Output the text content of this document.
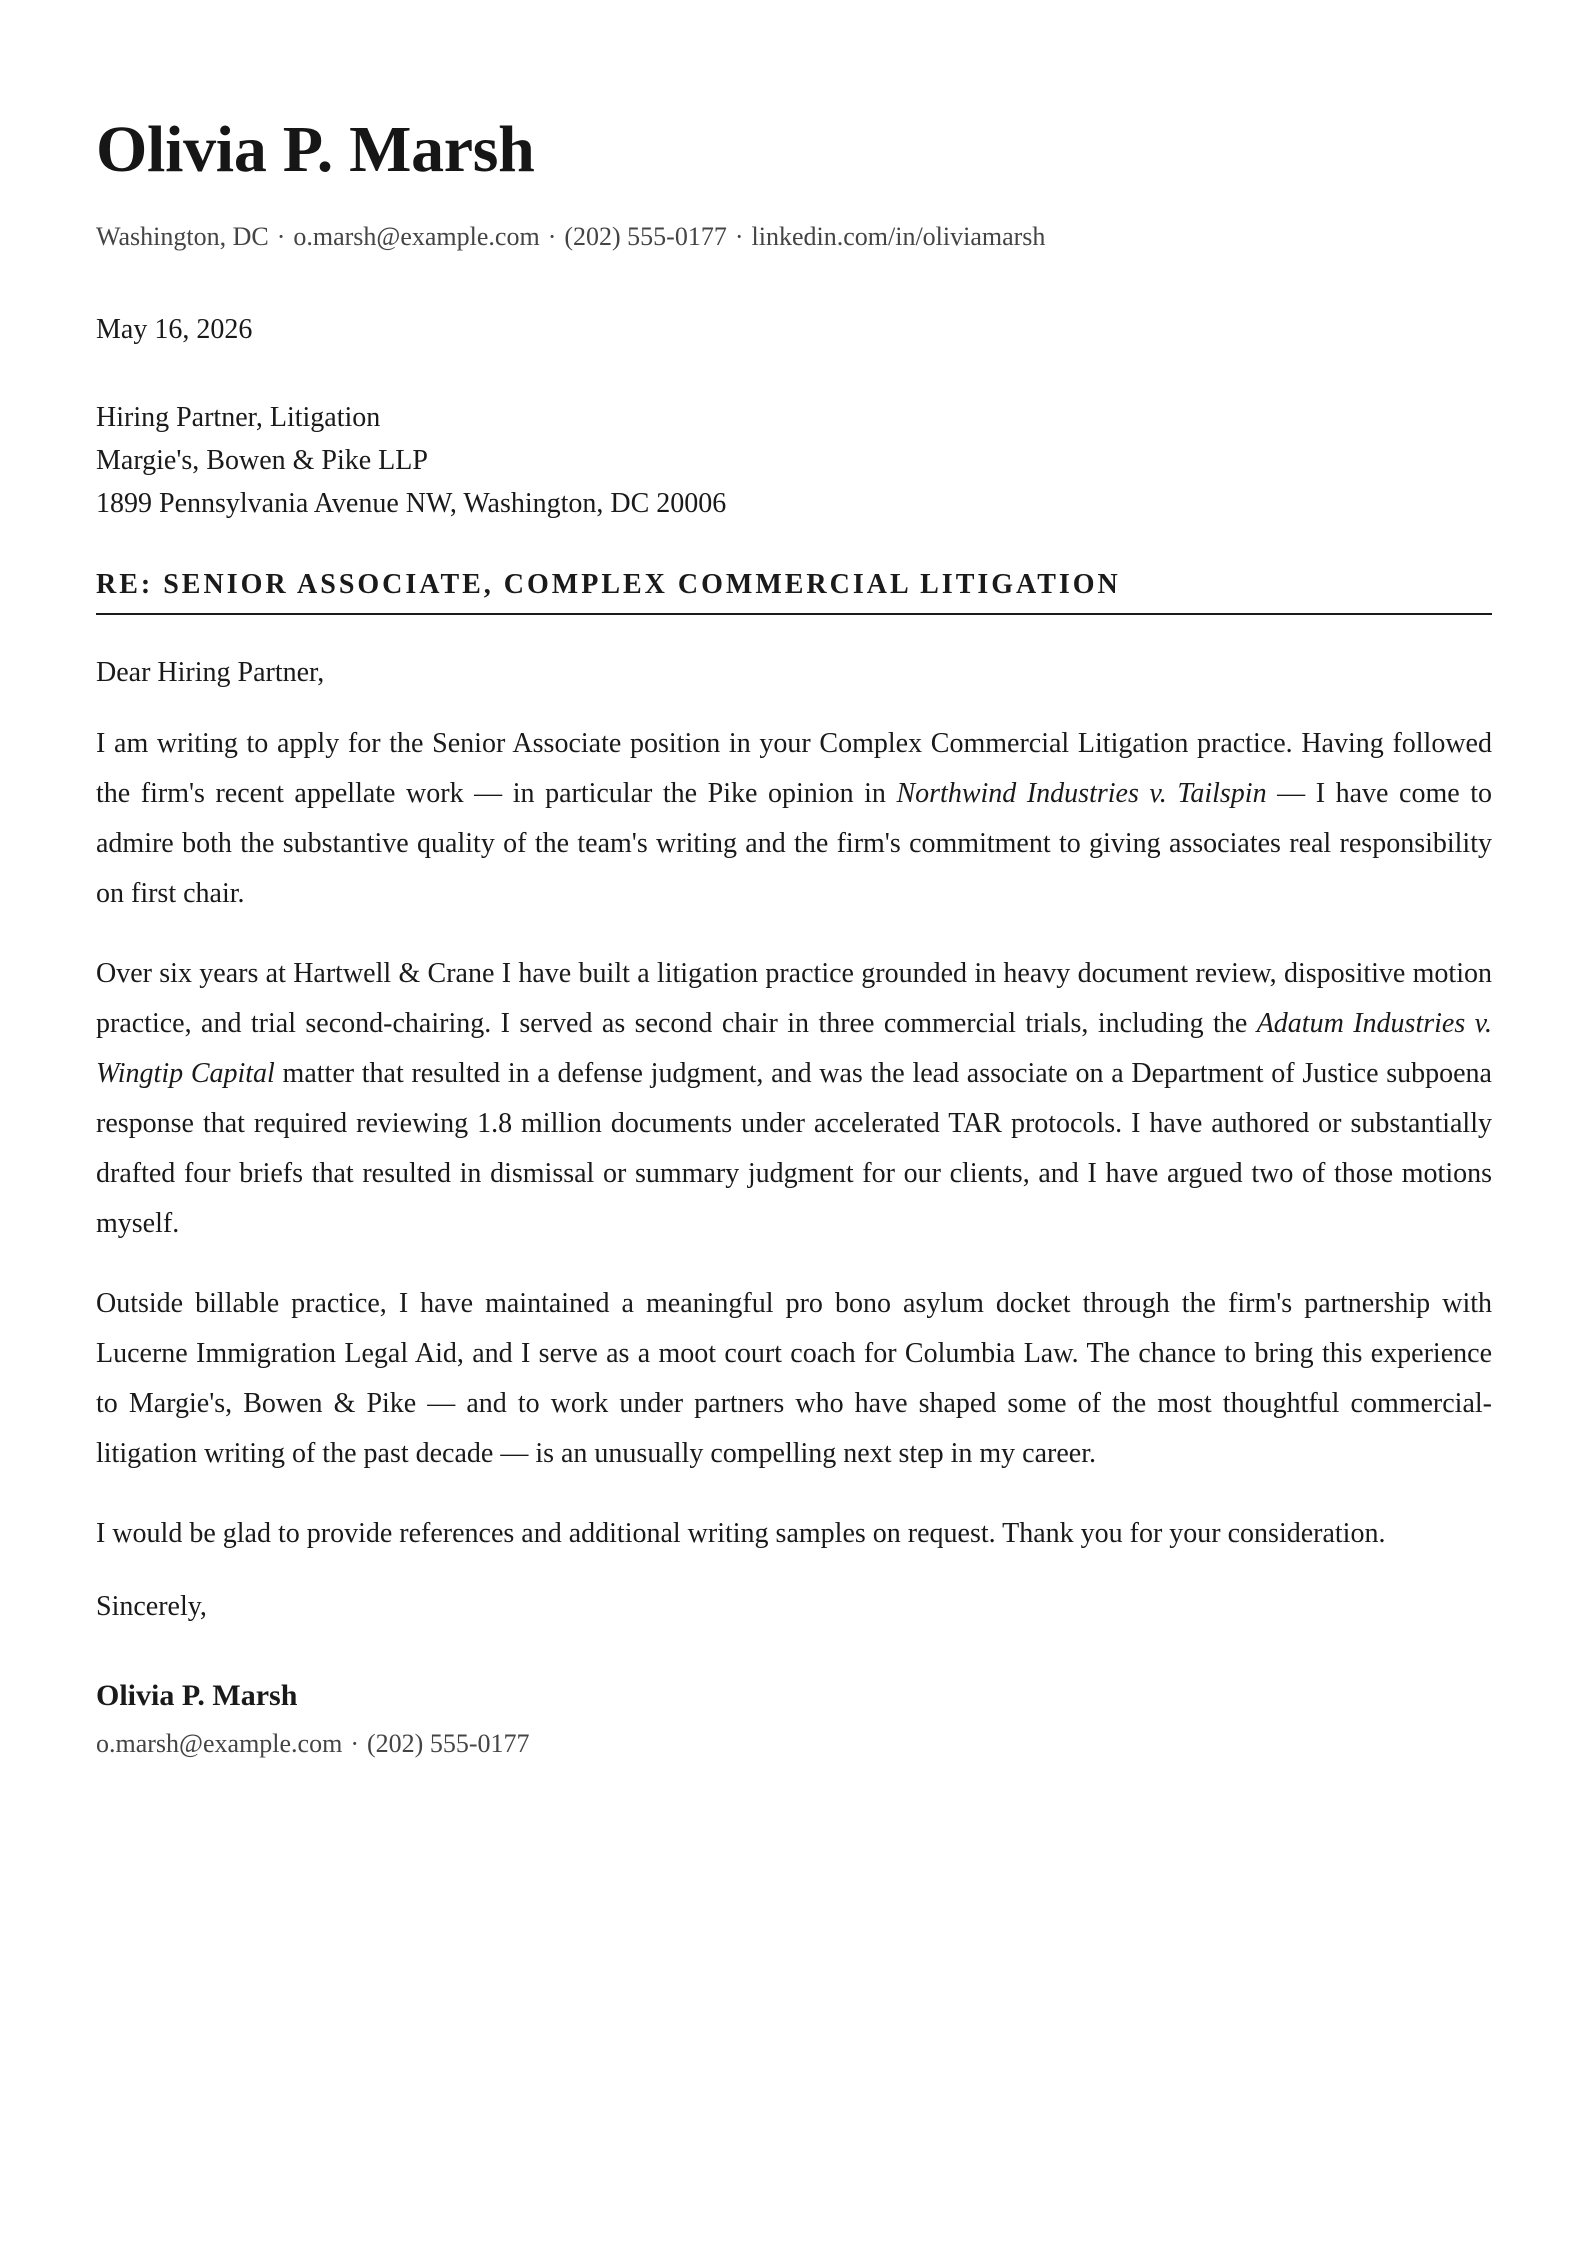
Olivia P. Marsh
Washington, DC · o.marsh@example.com · (202) 555-0177 · linkedin.com/in/oliviamarsh
May 16, 2026
Hiring Partner, Litigation
Margie's, Bowen & Pike LLP
1899 Pennsylvania Avenue NW, Washington, DC 20006
RE: SENIOR ASSOCIATE, COMPLEX COMMERCIAL LITIGATION
Dear Hiring Partner,

I am writing to apply for the Senior Associate position in your Complex Commercial Litigation practice. Having followed the firm's recent appellate work — in particular the Pike opinion in Northwind Industries v. Tailspin — I have come to admire both the substantive quality of the team's writing and the firm's commitment to giving associates real responsibility on first chair.

Over six years at Hartwell & Crane I have built a litigation practice grounded in heavy document review, dispositive motion practice, and trial second-chairing. I served as second chair in three commercial trials, including the Adatum Industries v. Wingtip Capital matter that resulted in a defense judgment, and was the lead associate on a Department of Justice subpoena response that required reviewing 1.8 million documents under accelerated TAR protocols. I have authored or substantially drafted four briefs that resulted in dismissal or summary judgment for our clients, and I have argued two of those motions myself.

Outside billable practice, I have maintained a meaningful pro bono asylum docket through the firm's partnership with Lucerne Immigration Legal Aid, and I serve as a moot court coach for Columbia Law. The chance to bring this experience to Margie's, Bowen & Pike — and to work under partners who have shaped some of the most thoughtful commercial-litigation writing of the past decade — is an unusually compelling next step in my career.

I would be glad to provide references and additional writing samples on request. Thank you for your consideration.

Sincerely,
Olivia P. Marsh
o.marsh@example.com · (202) 555-0177
